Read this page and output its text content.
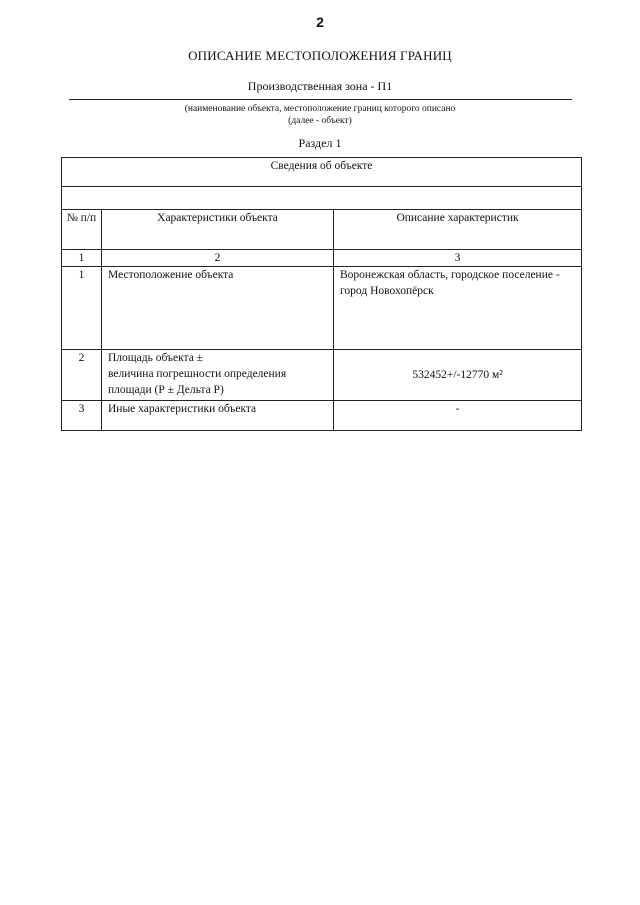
2
ОПИСАНИЕ МЕСТОПОЛОЖЕНИЯ ГРАНИЦ
Производственная зона - П1
(наименование объекта, местоположение границ которого описано
(далее - объект)
Раздел 1
Сведения об объекте		

№ п/п	Характеристики объекта	Описание характеристик
1	2	3
1	Местоположение объекта	Воронежская область, городское поселение - город Новохопёрск
2	Площадь объекта ±
величина погрешности определения
площади (Р ± Дельта Р)	532452+/-12770 м²
3	Иные характеристики объекта	-
